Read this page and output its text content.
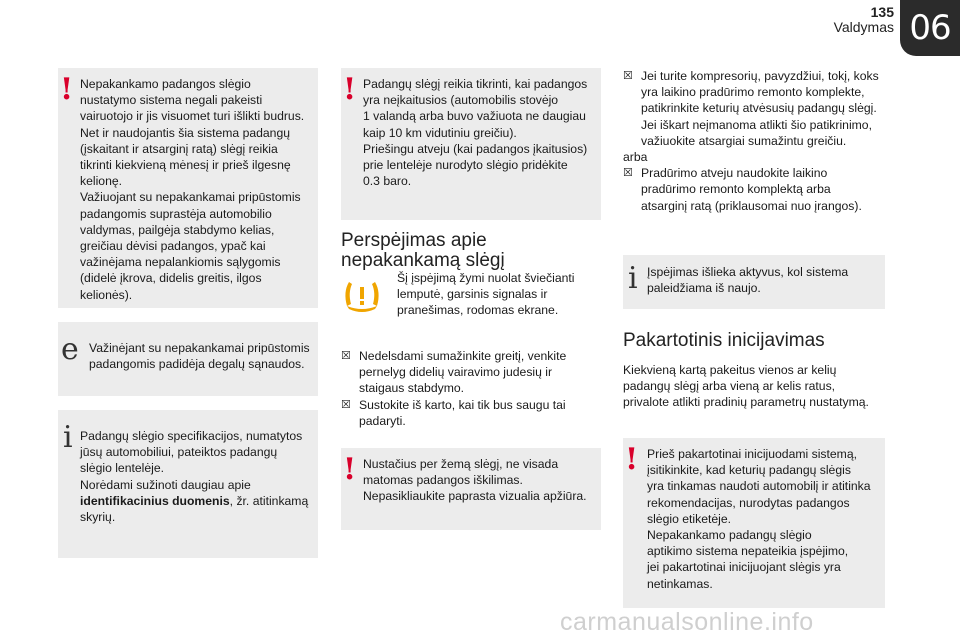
135
Valdymas 06
! Nepakankamo padangos slėgio

nustatymo sistema negali pakeisti

vairuotojo ir jis visuomet turi išlikti budrus.

Net ir naudojantis šia sistema padangų

(įskaitant ir atsarginį ratą) slėgį reikia

tikrinti kiekvieną mėnesį ir prieš ilgesnę

kelionę.

Važiuojant su nepakankamai pripūstomis

padangomis suprastėja automobilio

valdymas, pailgėja stabdymo kelias,

greičiau dėvisi padangos, ypač kai

važinėjama nepalankiomis sąlygomis

(didelė įkrova, didelis greitis, ilgos

kelionės).

e Važinėjant su nepakankamai pripūstomis

padangomis padidėja degalų sąnaudos.

i Padangų slėgio specifikacijos, numatytos

jūsų automobiliui, pateiktos padangų

slėgio lentelėje.

Norėdami sužinoti daugiau apie

identifikacinius duomenis, žr. atitinkamą

skyrių.

! Padangų slėgį reikia tikrinti, kai padangos

yra neįkaitusios (automobilis stovėjo

1 valandą arba buvo važiuota ne daugiau

kaip 10 km vidutiniu greičiu).

Priešingu atveju (kai padangos įkaitusios)

prie lentelėje nurodyto slėgio pridėkite

0.3 baro.

Perspėjimas apie
nepakankamą slėgį

Šį įspėjimą žymi nuolat šviečianti

lemputė, garsinis signalas ir

pranešimas, rodomas ekrane.

☒ Nedelsdami sumažinkite greitį, venkite

pernelyg didelių vairavimo judesių ir

staigaus stabdymo.

☒ Sustokite iš karto, kai tik bus saugu tai

padaryti.

! Nustačius per žemą slėgį, ne visada

matomas padangos iškilimas.

Nepasikliaukite paprasta vizualia apžiūra.

☒ Jei turite kompresorių, pavyzdžiui, tokį, koks

yra laikino pradūrimo remonto komplekte,

patikrinkite keturių atvėsusių padangų slėgį.

Jei iškart neįmanoma atlikti šio patikrinimo,

važiuokite atsargiai sumažintu greičiu.

arba

☒ Pradūrimo atveju naudokite laikino

pradūrimo remonto komplektą arba

atsarginį ratą (priklausomai nuo įrangos).

i Įspėjimas išlieka aktyvus, kol sistema

paleidžiama iš naujo.

Pakartotinis inicijavimas

Kiekvieną kartą pakeitus vienos ar kelių

padangų slėgį arba vieną ar kelis ratus,

privalote atlikti pradinių parametrų nustatymą.

! Prieš pakartotinai inicijuodami sistemą,

įsitikinkite, kad keturių padangų slėgis

yra tinkamas naudoti automobilį ir atitinka

rekomendacijas, nurodytas padangos

slėgio etiketėje.

Nepakankamo padangų slėgio

aptikimo sistema nepateikia įspėjimo,

jei pakartotinai inicijuojant slėgis yra

netinkamas.

carmanualsonline.info
